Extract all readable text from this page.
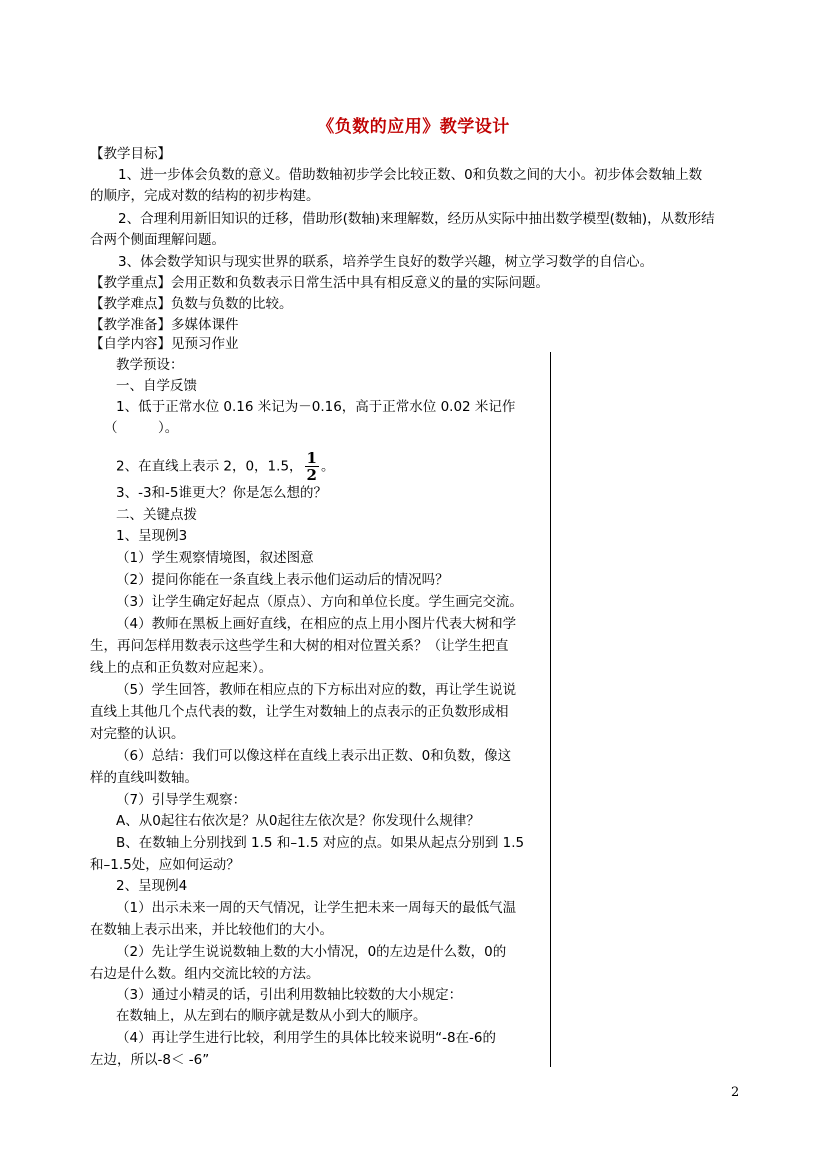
《负数的应用》教学设计
【教学目标】
1、进一步体会负数的意义。借助数轴初步学会比较正数、0和负数之间的大小。初步体会数轴上数
的顺序，完成对数的结构的初步构建。
2、合理利用新旧知识的迁移，借助形(数轴)来理解数，经历从实际中抽出数学模型(数轴)，从数形结
合两个侧面理解问题。
3、体会数学知识与现实世界的联系，培养学生良好的数学兴趣，树立学习数学的自信心。
【教学重点】会用正数和负数表示日常生活中具有相反意义的量的实际问题。
【教学难点】负数与负数的比较。
【教学准备】多媒体课件
【自学内容】见预习作业
教学预设：
一、自学反馈
1、低于正常水位 0.16 米记为－0.16，高于正常水位 0.02 米记作
（　　　）。
2、在直线上表示 2，0，1.5， $\frac{1}{2}$ 。
3、-3和-5谁更大？你是怎么想的？
二、关键点拨
1、呈现例3
（1）学生观察情境图，叙述图意
（2）提问你能在一条直线上表示他们运动后的情况吗？
（3）让学生确定好起点（原点）、方向和单位长度。学生画完交流。
（4）教师在黑板上画好直线，在相应的点上用小图片代表大树和学
生，再问怎样用数表示这些学生和大树的相对位置关系？（让学生把直
线上的点和正负数对应起来）。
（5）学生回答，教师在相应点的下方标出对应的数，再让学生说说
直线上其他几个点代表的数，让学生对数轴上的点表示的正负数形成相
对完整的认识。
（6）总结：我们可以像这样在直线上表示出正数、0和负数，像这
样的直线叫数轴。
（7）引导学生观察：
A、从0起往右依次是？从0起往左依次是？你发现什么规律？
B、在数轴上分别找到 1.5 和–1.5 对应的点。如果从起点分别到 1.5
和–1.5处，应如何运动？
2、呈现例4
（1）出示未来一周的天气情况，让学生把未来一周每天的最低气温
在数轴上表示出来，并比较他们的大小。
（2）先让学生说说数轴上数的大小情况，0的左边是什么数，0的
右边是什么数。组内交流比较的方法。
（3）通过小精灵的话，引出利用数轴比较数的大小规定：
在数轴上，从左到右的顺序就是数从小到大的顺序。
（4）再让学生进行比较，利用学生的具体比较来说明“-8在-6的
左边，所以-8＜ -6”
2
